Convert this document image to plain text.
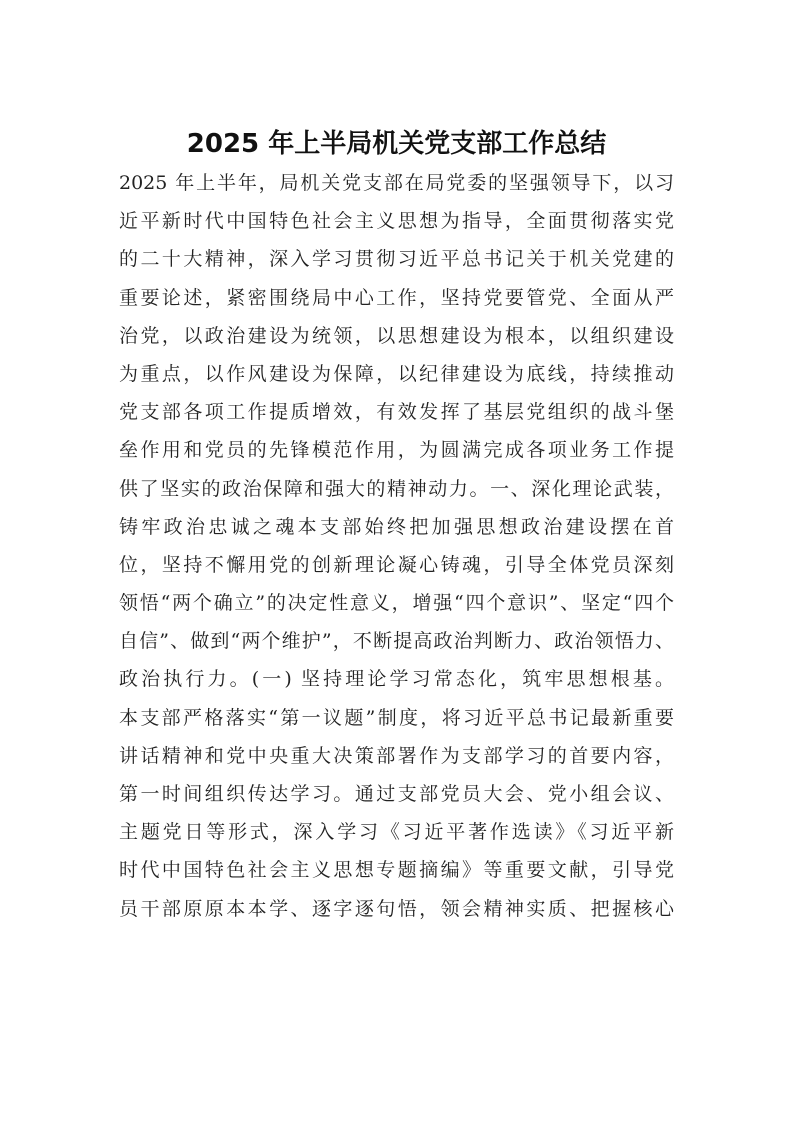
2025 年上半局机关党支部工作总结
2025 年上半年，局机关党支部在局党委的坚强领导下，以习
近平新时代中国特色社会主义思想为指导，全面贯彻落实党
的二十大精神，深入学习贯彻习近平总书记关于机关党建的
重要论述，紧密围绕局中心工作，坚持党要管党、全面从严
治党，以政治建设为统领，以思想建设为根本，以组织建设
为重点，以作风建设为保障，以纪律建设为底线，持续推动
党支部各项工作提质增效，有效发挥了基层党组织的战斗堡
垒作用和党员的先锋模范作用，为圆满完成各项业务工作提
供了坚实的政治保障和强大的精神动力。一、深化理论武装，
铸牢政治忠诚之魂本支部始终把加强思想政治建设摆在首
位，坚持不懈用党的创新理论凝心铸魂，引导全体党员深刻
领悟“两个确立”的决定性意义，增强“四个意识”、坚定“四个
自信”、做到“两个维护”，不断提高政治判断力、政治领悟力、
政治执行力。(一) 坚持理论学习常态化，筑牢思想根基。
本支部严格落实“第一议题”制度，将习近平总书记最新重要
讲话精神和党中央重大决策部署作为支部学习的首要内容，
第一时间组织传达学习。通过支部党员大会、党小组会议、
主题党日等形式，深入学习《习近平著作选读》《习近平新
时代中国特色社会主义思想专题摘编》等重要文献，引导党
员干部原原本本学、逐字逐句悟，领会精神实质、把握核心
